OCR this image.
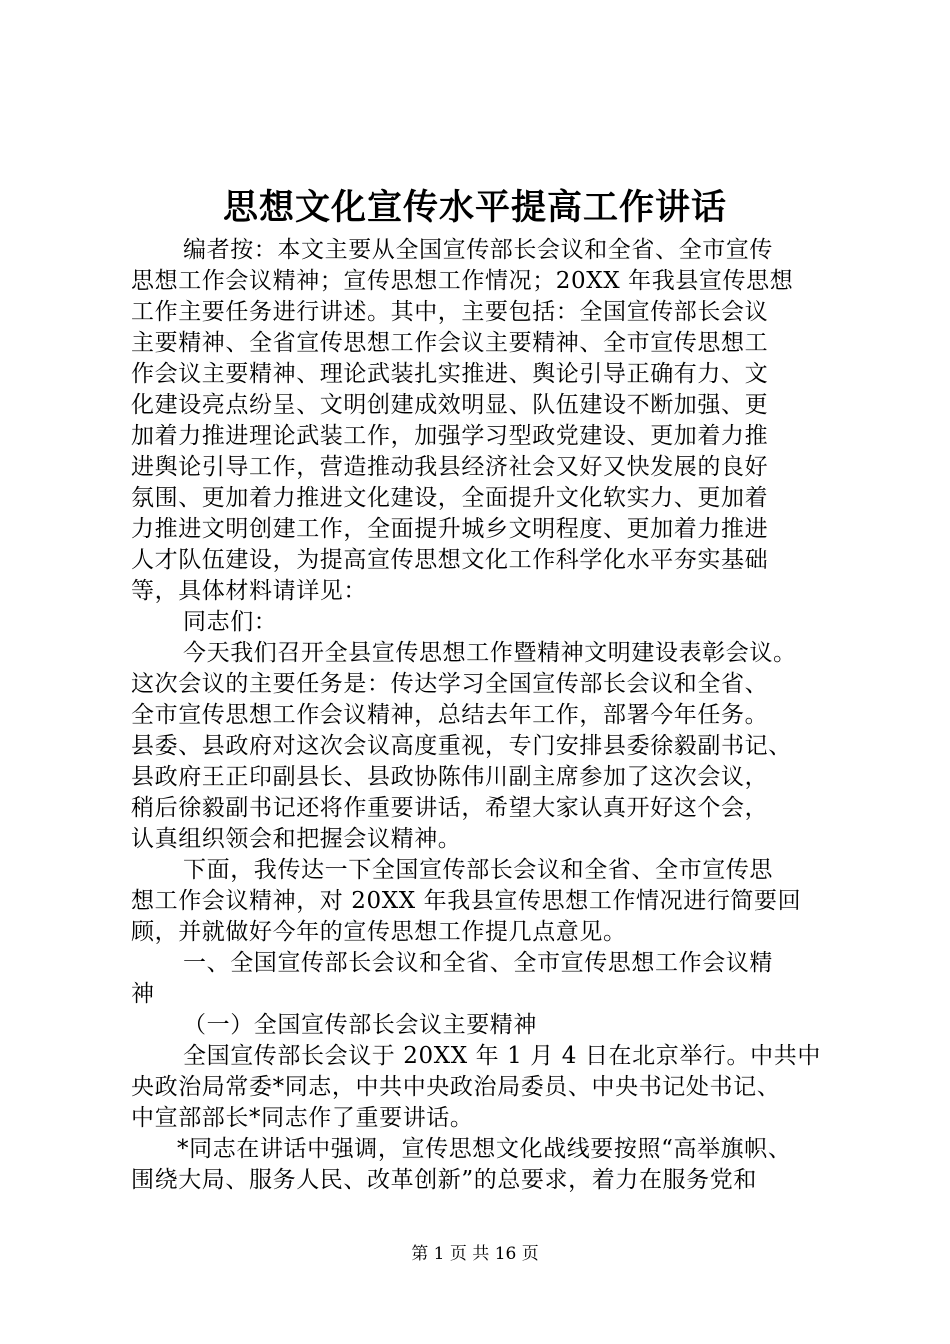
思想文化宣传水平提高工作讲话
编者按：本文主要从全国宣传部长会议和全省、全市宣传
思想工作会议精神；宣传思想工作情况；20XX 年我县宣传思想
工作主要任务进行讲述。其中，主要包括：全国宣传部长会议
主要精神、全省宣传思想工作会议主要精神、全市宣传思想工
作会议主要精神、理论武装扎实推进、舆论引导正确有力、文
化建设亮点纷呈、文明创建成效明显、队伍建设不断加强、更
加着力推进理论武装工作，加强学习型政党建设、更加着力推
进舆论引导工作，营造推动我县经济社会又好又快发展的良好
氛围、更加着力推进文化建设，全面提升文化软实力、更加着
力推进文明创建工作，全面提升城乡文明程度、更加着力推进
人才队伍建设，为提高宣传思想文化工作科学化水平夯实基础
等，具体材料请详见：
同志们：
今天我们召开全县宣传思想工作暨精神文明建设表彰会议。
这次会议的主要任务是：传达学习全国宣传部长会议和全省、
全市宣传思想工作会议精神，总结去年工作，部署今年任务。
县委、县政府对这次会议高度重视，专门安排县委徐毅副书记、
县政府王正印副县长、县政协陈伟川副主席参加了这次会议，
稍后徐毅副书记还将作重要讲话，希望大家认真开好这个会，
认真组织领会和把握会议精神。
下面，我传达一下全国宣传部长会议和全省、全市宣传思
想工作会议精神，对 20XX 年我县宣传思想工作情况进行简要回
顾，并就做好今年的宣传思想工作提几点意见。
一、全国宣传部长会议和全省、全市宣传思想工作会议精
神
（一）全国宣传部长会议主要精神
全国宣传部长会议于 20XX 年 1 月 4 日在北京举行。中共中
央政治局常委*同志，中共中央政治局委员、中央书记处书记、
中宣部部长*同志作了重要讲话。
*同志在讲话中强调，宣传思想文化战线要按照“高举旗帜、
围绕大局、服务人民、改革创新”的总要求，着力在服务党和
第 1 页 共 16 页
